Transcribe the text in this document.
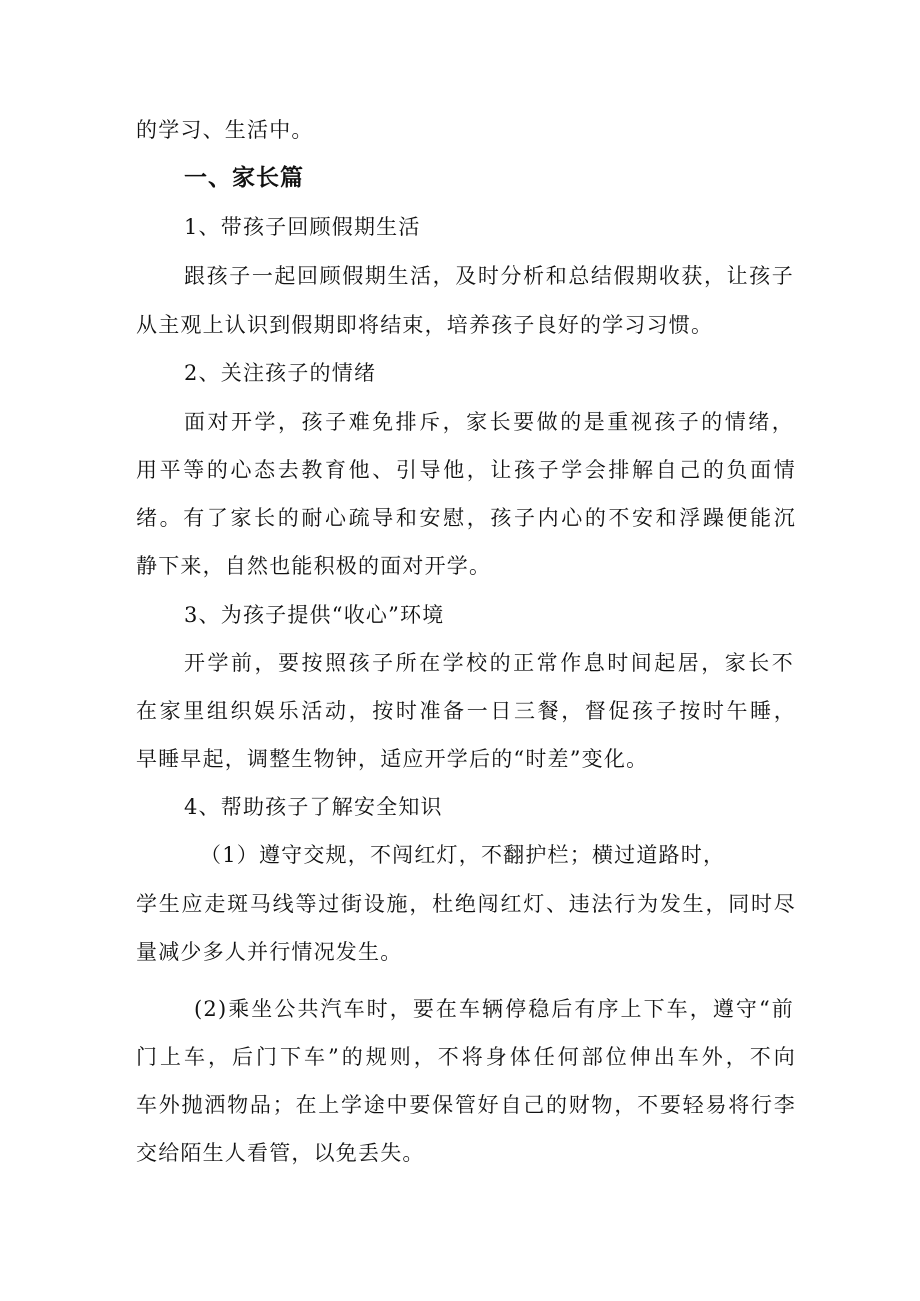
的学习、生活中。
一、家长篇
1、带孩子回顾假期生活
跟孩子一起回顾假期生活，及时分析和总结假期收获，让孩子
从主观上认识到假期即将结束，培养孩子良好的学习习惯。
2、关注孩子的情绪
面对开学，孩子难免排斥，家长要做的是重视孩子的情绪，
用平等的心态去教育他、引导他，让孩子学会排解自己的负面情
绪。有了家长的耐心疏导和安慰，孩子内心的不安和浮躁便能沉
静下来，自然也能积极的面对开学。
3、为孩子提供“收心”环境
开学前，要按照孩子所在学校的正常作息时间起居，家长不
在家里组织娱乐活动，按时准备一日三餐，督促孩子按时午睡，
早睡早起，调整生物钟，适应开学后的“时差”变化。
4、帮助孩子了解安全知识
（1）遵守交规，不闯红灯，不翻护栏；横过道路时，
学生应走斑马线等过街设施，杜绝闯红灯、违法行为发生，同时尽
量减少多人并行情况发生。
(2)乘坐公共汽车时，要在车辆停稳后有序上下车，遵守“前
门上车，后门下车”的规则，不将身体任何部位伸出车外，不向
车外抛洒物品；在上学途中要保管好自己的财物，不要轻易将行李
交给陌生人看管，以免丢失。
